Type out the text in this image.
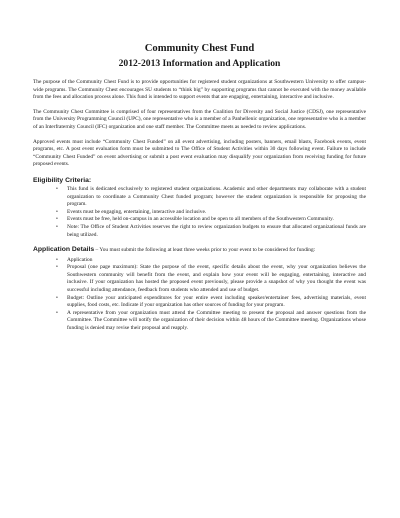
Community Chest Fund
2012-2013 Information and Application

The purpose of the Community Chest Fund is to provide opportunities for registered student organizations at Southwestern University to offer campus-wide programs. The Community Chest encourages SU students to “think big” by supporting programs that cannot be executed with the money available from the fees and allocation process alone. This fund is intended to support events that are engaging, entertaining, interactive and inclusive.

The Community Chest Committee is comprised of four representatives from the Coalition for Diversity and Social Justice (CDSJ), one representative from the University Programming Council (UPC), one representative who is a member of a Panhellenic organization, one representative who is a member of an Interfraternity Council (IFC) organization and one staff member. The Committee meets as needed to review applications.

Approved events must include “Community Chest Funded” on all event advertising, including posters, banners, email blasts, Facebook events, event programs, etc. A post event evaluation form must be submitted to The Office of Student Activities within 30 days following event. Failure to include “Community Chest Funded” on event advertising or submit a post event evaluation may disqualify your organization from receiving funding for future proposed events.

Eligibility Criteria:
• This fund is dedicated exclusively to registered student organizations. Academic and other departments may collaborate with a student organization to coordinate a Community Chest funded program; however the student organization is responsible for proposing the program.
• Events must be engaging, entertaining, interactive and inclusive.
• Events must be free, held on-campus in an accessible location and be open to all members of the Southwestern Community.
• Note: The Office of Student Activities reserves the right to review organization budgets to ensure that allocated organizational funds are being utilized.
Application Details – You must submit the following at least three weeks prior to your event to be considered for funding:
• Application
• Proposal (one page maximum): State the purpose of the event, specific details about the event, why your organization believes the Southwestern community will benefit from the event, and explain how your event will be engaging, entertaining, interactive and inclusive. If your organization has hosted the proposed event previously, please provide a snapshot of why you thought the event was successful including attendance, feedback from students who attended and use of budget.
• Budget: Outline your anticipated expenditures for your entire event including speaker/entertainer fees, advertising materials, event supplies, food costs, etc. Indicate if your organization has other sources of funding for your program.
• A representative from your organization must attend the Committee meeting to present the proposal and answer questions from the Committee. The Committee will notify the organization of their decision within 48 hours of the Committee meeting. Organizations whose funding is denied may revise their proposal and reapply.
